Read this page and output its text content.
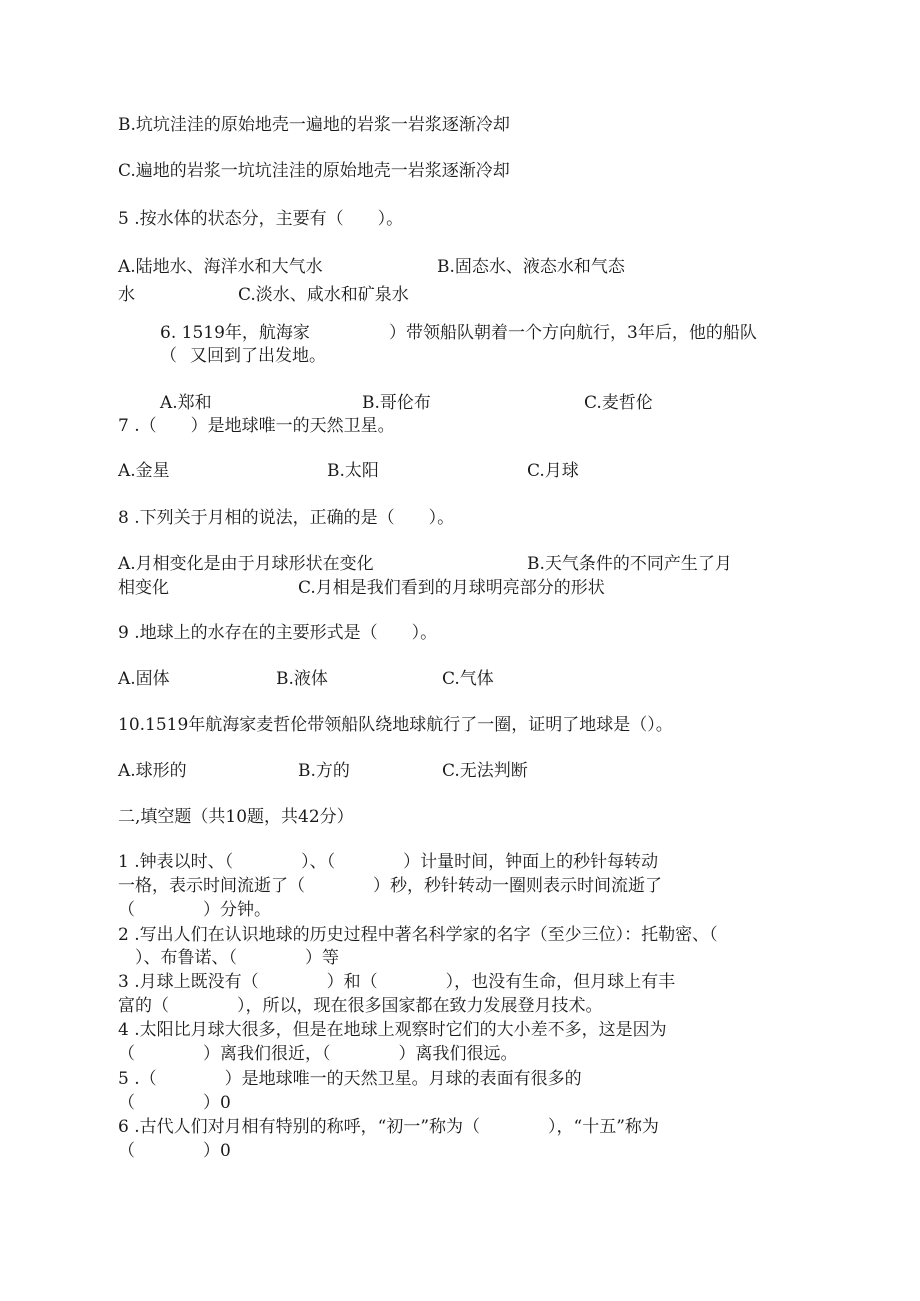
B.坑坑洼洼的原始地壳一遍地的岩浆一岩浆逐渐冷却
C.遍地的岩浆一坑坑洼洼的原始地壳一岩浆逐渐冷却
5 .按水体的状态分，主要有（　　）。
A.陆地水、海洋水和大气水	B.固态水、液态水和气态
水	C.淡水、咸水和矿泉水
6. 1519年，航海家	）带领船队朝着一个方向航行，3年后，他的船队
（ 又回到了出发地。
A.郑和	B.哥伦布	C.麦哲伦
7 .（　　）是地球唯一的天然卫星。
A.金星	B.太阳	C.月球
8 .下列关于月相的说法，正确的是（　　）。
A.月相变化是由于月球形状在变化	B.天气条件的不同产生了月
相变化	C.月相是我们看到的月球明亮部分的形状
9 .地球上的水存在的主要形式是（　　）。
A.固体	B.液体	C.气体
10.1519年航海家麦哲伦带领船队绕地球航行了一圈，证明了地球是（）。
A.球形的	B.方的	C.无法判断
二,填空题（共10题，共42分）
1 .钟表以时、（　　　　）、（　　　　）计量时间，钟面上的秒针每转动
一格，表示时间流逝了（　　　　）秒，秒针转动一圈则表示时间流逝了
（　　　　）分钟。
2 .写出人们在认识地球的历史过程中著名科学家的名字（至少三位）：托勒密、（
　）、布鲁诺、（　　　　）等
3 .月球上既没有（　　　　）和（　　　　），也没有生命，但月球上有丰
富的（　　　　），所以，现在很多国家都在致力发展登月技术。
4 .太阳比月球大很多，但是在地球上观察时它们的大小差不多，这是因为
（　　　　）离我们很近，（　　　　）离我们很远。
5 .（　　　　）是地球唯一的天然卫星。月球的表面有很多的
（　　　　）0
6 .古代人们对月相有特别的称呼，“初一”称为（　　　　），“十五”称为
（　　　　）0
